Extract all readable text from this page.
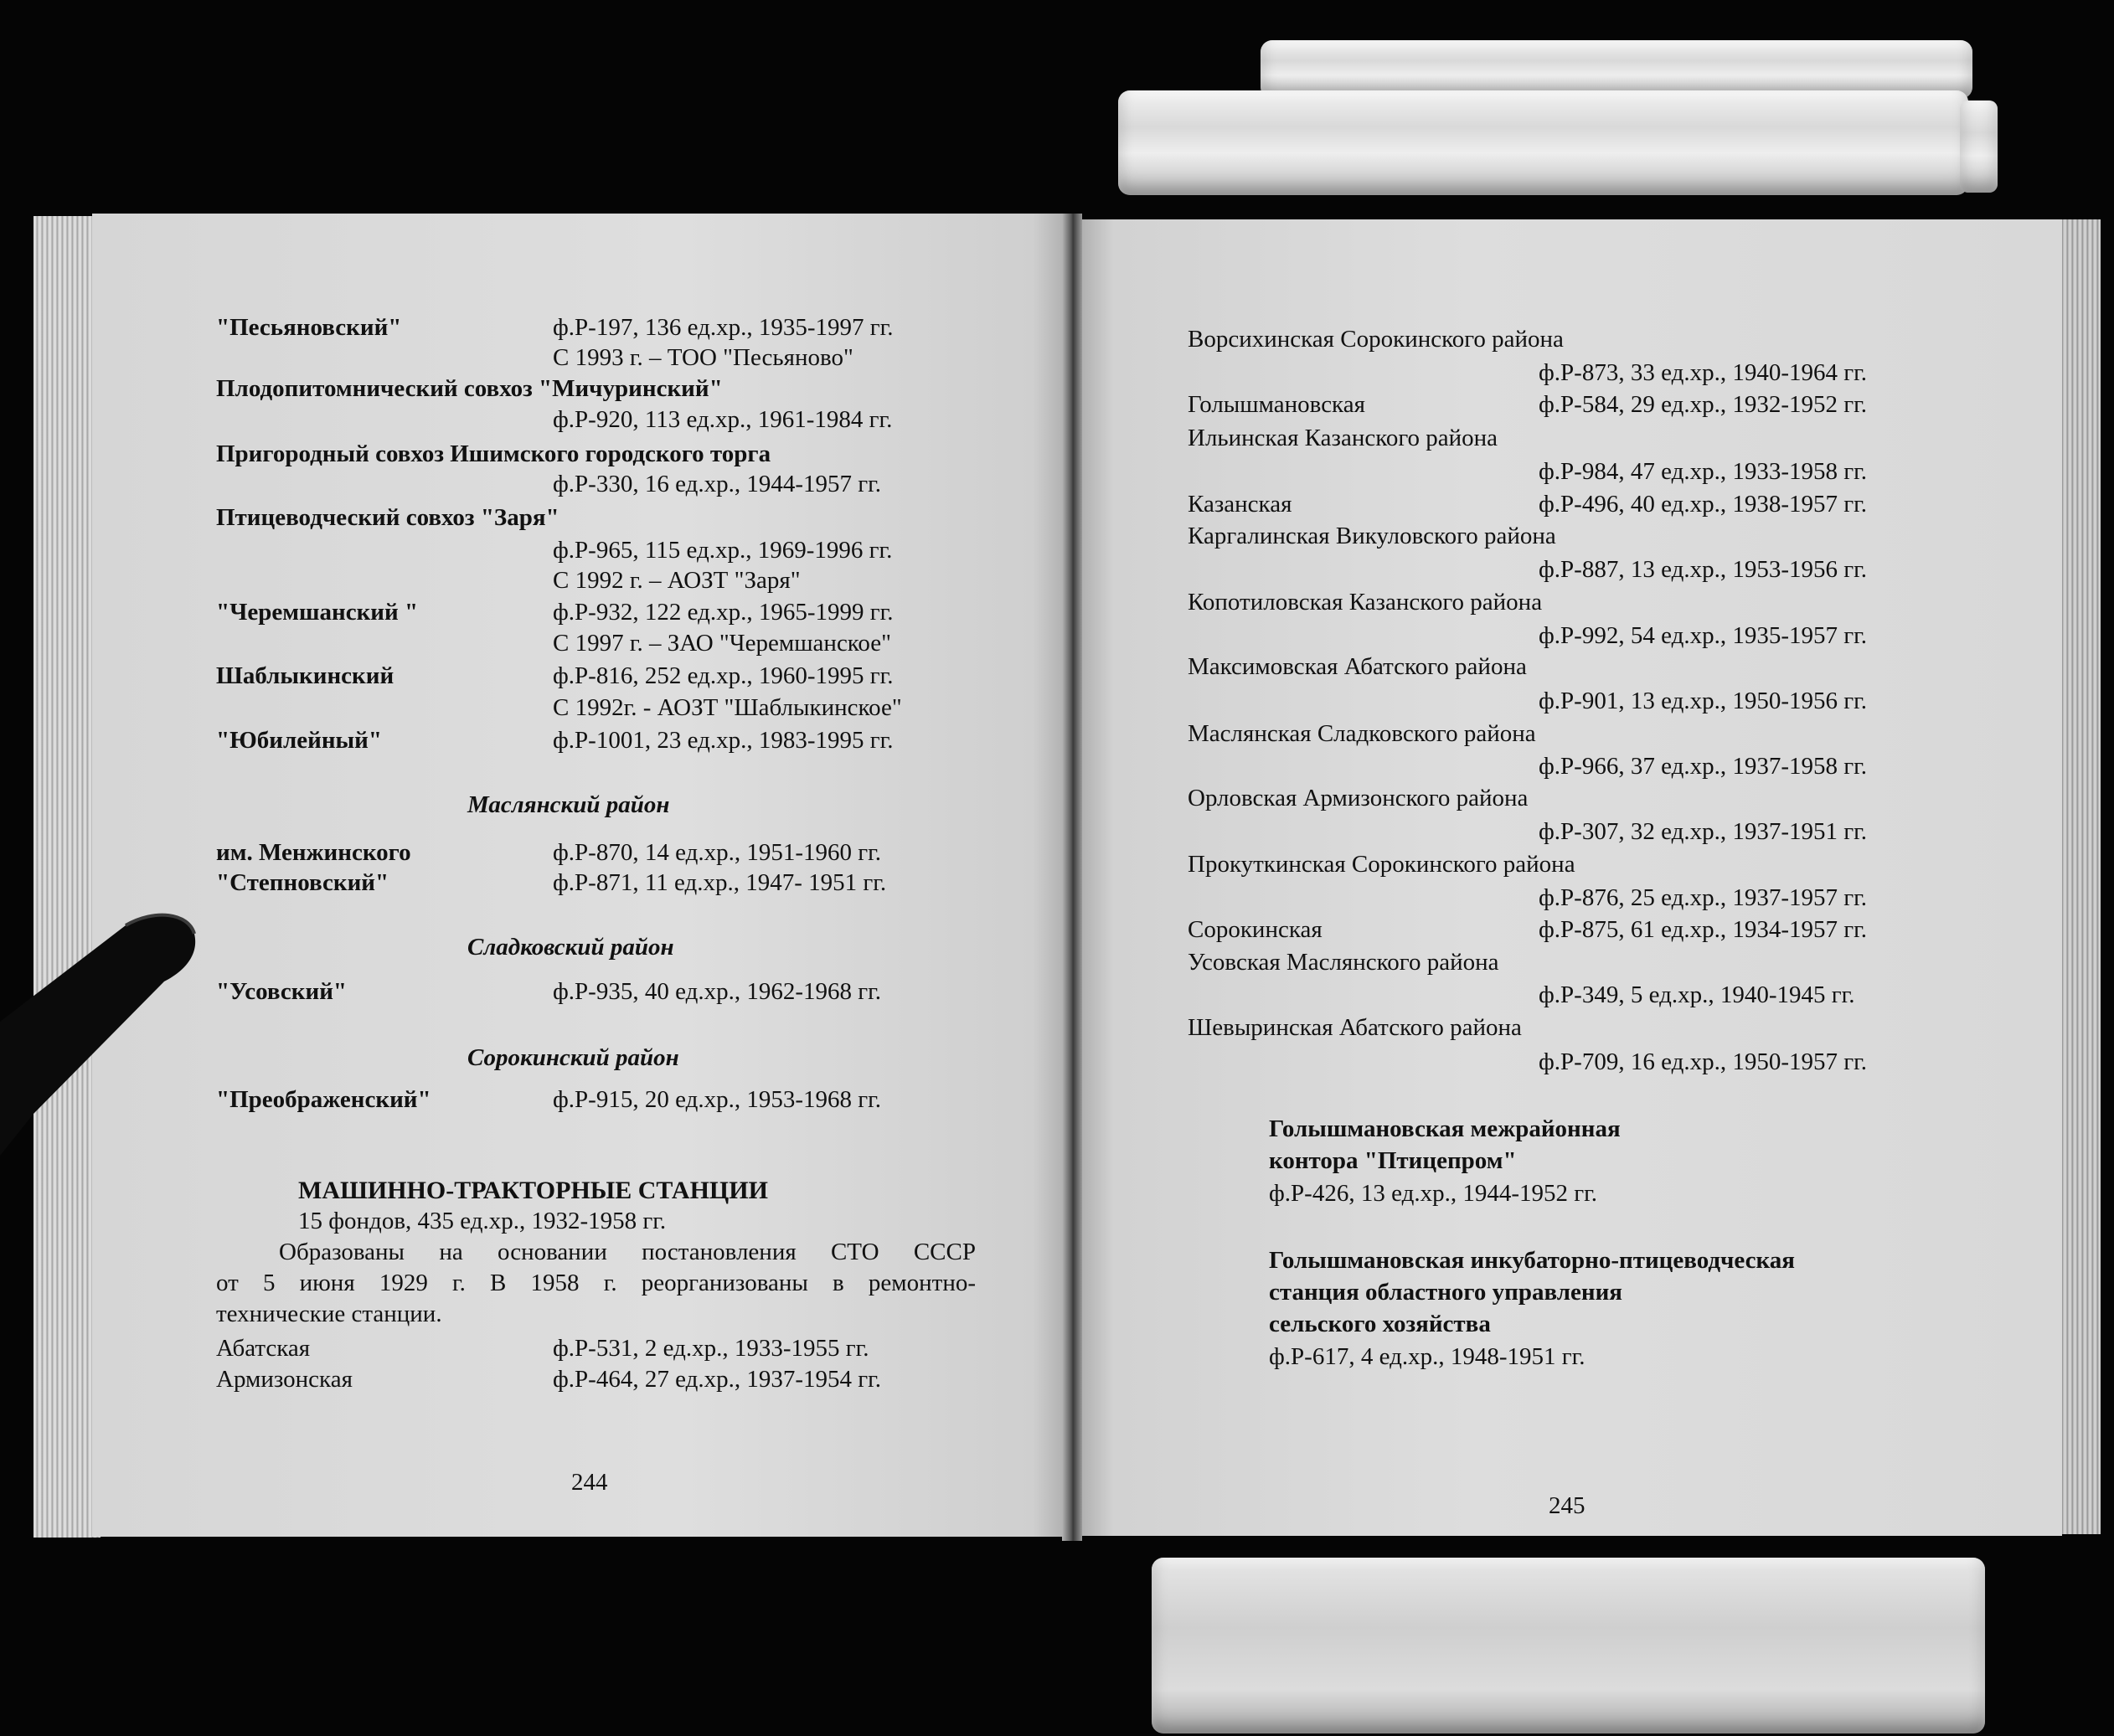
"Песьяновский"	ф.Р-197, 136 ед.хр., 1935-1997 гг.
С 1993 г. – ТОО "Песьяново"
Плодопитомнический совхоз "Мичуринский"
ф.Р-920, 113 ед.хр., 1961-1984 гг.
Пригородный совхоз Ишимского городского торга
ф.Р-330, 16 ед.хр., 1944-1957 гг.
Птицеводческий совхоз "Заря"
ф.Р-965, 115 ед.хр., 1969-1996 гг.
С 1992 г. – АОЗТ "Заря"
"Черемшанский "	ф.Р-932, 122 ед.хр., 1965-1999 гг.
С 1997 г. – ЗАО "Черемшанское"
Шаблыкинский	ф.Р-816, 252 ед.хр., 1960-1995 гг.
С 1992г. - АОЗТ "Шаблыкинское"
"Юбилейный"	ф.Р-1001, 23 ед.хр., 1983-1995 гг.
Маслянский район
им. Менжинского	ф.Р-870, 14 ед.хр., 1951-1960 гг.
"Степновский"	ф.Р-871, 11 ед.хр., 1947- 1951 гг.
Сладковский район
"Усовский"	ф.Р-935, 40 ед.хр., 1962-1968 гг.
Сорокинский район
"Преображенский"	ф.Р-915, 20 ед.хр., 1953-1968 гг.
МАШИННО-ТРАКТОРНЫЕ СТАНЦИИ
15 фондов, 435 ед.хр., 1932-1958 гг.
Образованы на основании постановления СТО СССР
от 5 июня 1929 г. В 1958 г. реорганизованы в ремонтно-
технические станции.
Абатская	ф.Р-531, 2 ед.хр., 1933-1955 гг.
Армизонская	ф.Р-464, 27 ед.хр., 1937-1954 гг.
244
Ворсихинская Сорокинского района
ф.Р-873, 33 ед.хр., 1940-1964 гг.
Голышмановская	ф.Р-584, 29 ед.хр., 1932-1952 гг.
Ильинская Казанского района
ф.Р-984, 47 ед.хр., 1933-1958 гг.
Казанская	ф.Р-496, 40 ед.хр., 1938-1957 гг.
Каргалинская Викуловского района
ф.Р-887, 13 ед.хр., 1953-1956 гг.
Копотиловская Казанского района
ф.Р-992, 54 ед.хр., 1935-1957 гг.
Максимовская Абатского района
ф.Р-901, 13 ед.хр., 1950-1956 гг.
Маслянская Сладковского района
ф.Р-966, 37 ед.хр., 1937-1958 гг.
Орловская Армизонского района
ф.Р-307, 32 ед.хр., 1937-1951 гг.
Прокуткинская Сорокинского района
ф.Р-876, 25 ед.хр., 1937-1957 гг.
Сорокинская	ф.Р-875, 61 ед.хр., 1934-1957 гг.
Усовская Маслянского района
ф.Р-349, 5 ед.хр., 1940-1945 гг.
Шевыринская Абатского района
ф.Р-709, 16 ед.хр., 1950-1957 гг.
Голышмановская межрайонная
контора "Птицепром"
ф.Р-426, 13 ед.хр., 1944-1952 гг.
Голышмановская инкубаторно-птицеводческая
станция областного управления
сельского хозяйства
ф.Р-617, 4 ед.хр., 1948-1951 гг.
245
